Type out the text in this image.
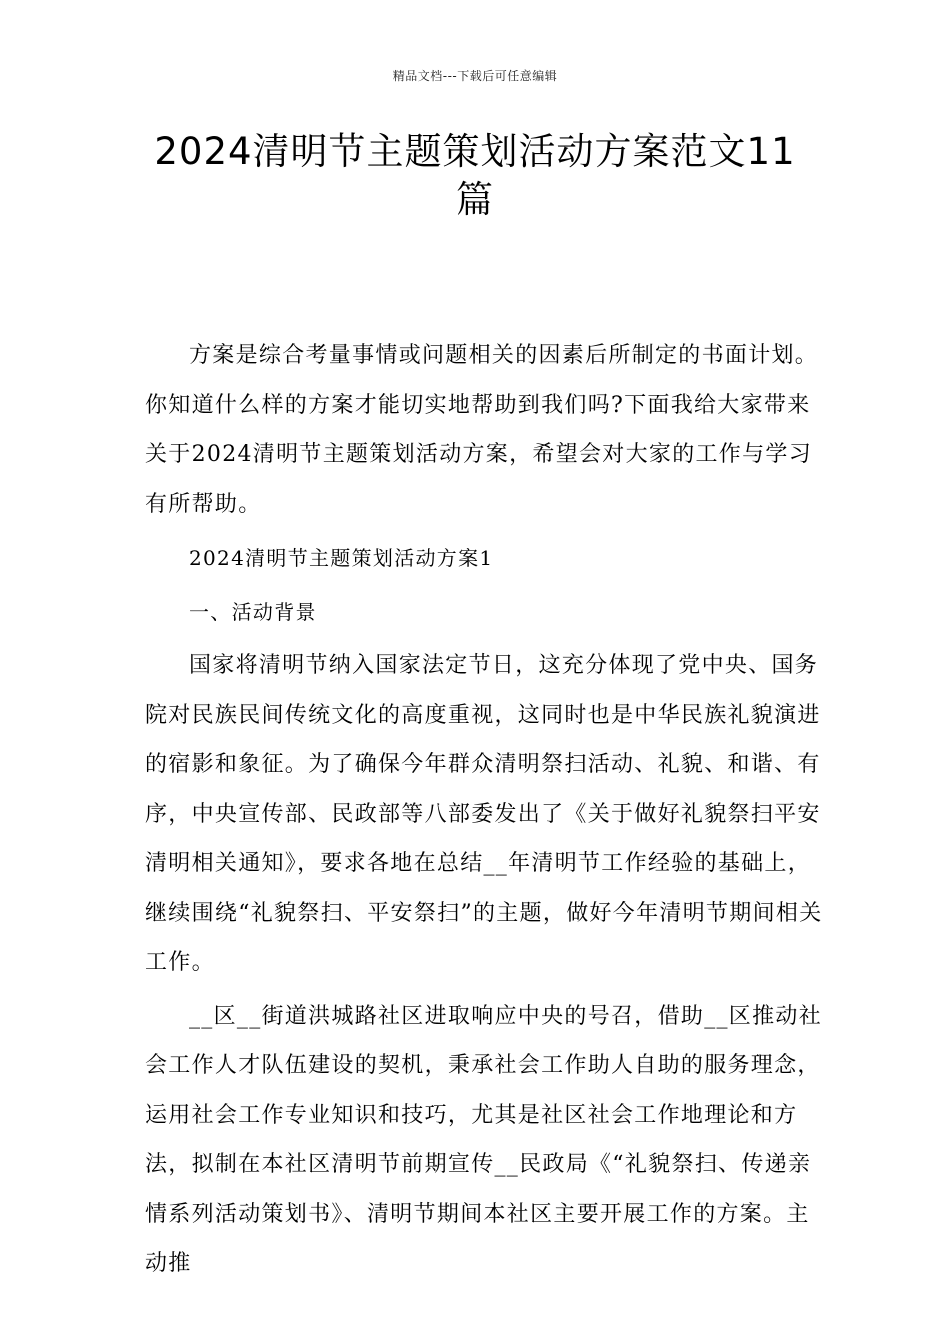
精品文档---下载后可任意编辑
2024清明节主题策划活动方案范文11篇

方案是综合考量事情或问题相关的因素后所制定的书面计划。你知道什么样的方案才能切实地帮助到我们吗?下面我给大家带来关于2024清明节主题策划活动方案，希望会对大家的工作与学习有所帮助。

2024清明节主题策划活动方案1

一、活动背景

国家将清明节纳入国家法定节日，这充分体现了党中央、国务院对民族民间传统文化的高度重视，这同时也是中华民族礼貌演进的宿影和象征。为了确保今年群众清明祭扫活动、礼貌、和谐、有序，中央宣传部、民政部等八部委发出了《关于做好礼貌祭扫平安清明相关通知》，要求各地在总结__年清明节工作经验的基础上，继续围绕“礼貌祭扫、平安祭扫”的主题，做好今年清明节期间相关工作。

__区__街道洪城路社区进取响应中央的号召，借助__区推动社会工作人才队伍建设的契机，秉承社会工作助人自助的服务理念，运用社会工作专业知识和技巧，尤其是社区社会工作地理论和方法，拟制在本社区清明节前期宣传__民政局《“礼貌祭扫、传递亲情系列活动策划书》、清明节期间本社区主要开展工作的方案。主动推
